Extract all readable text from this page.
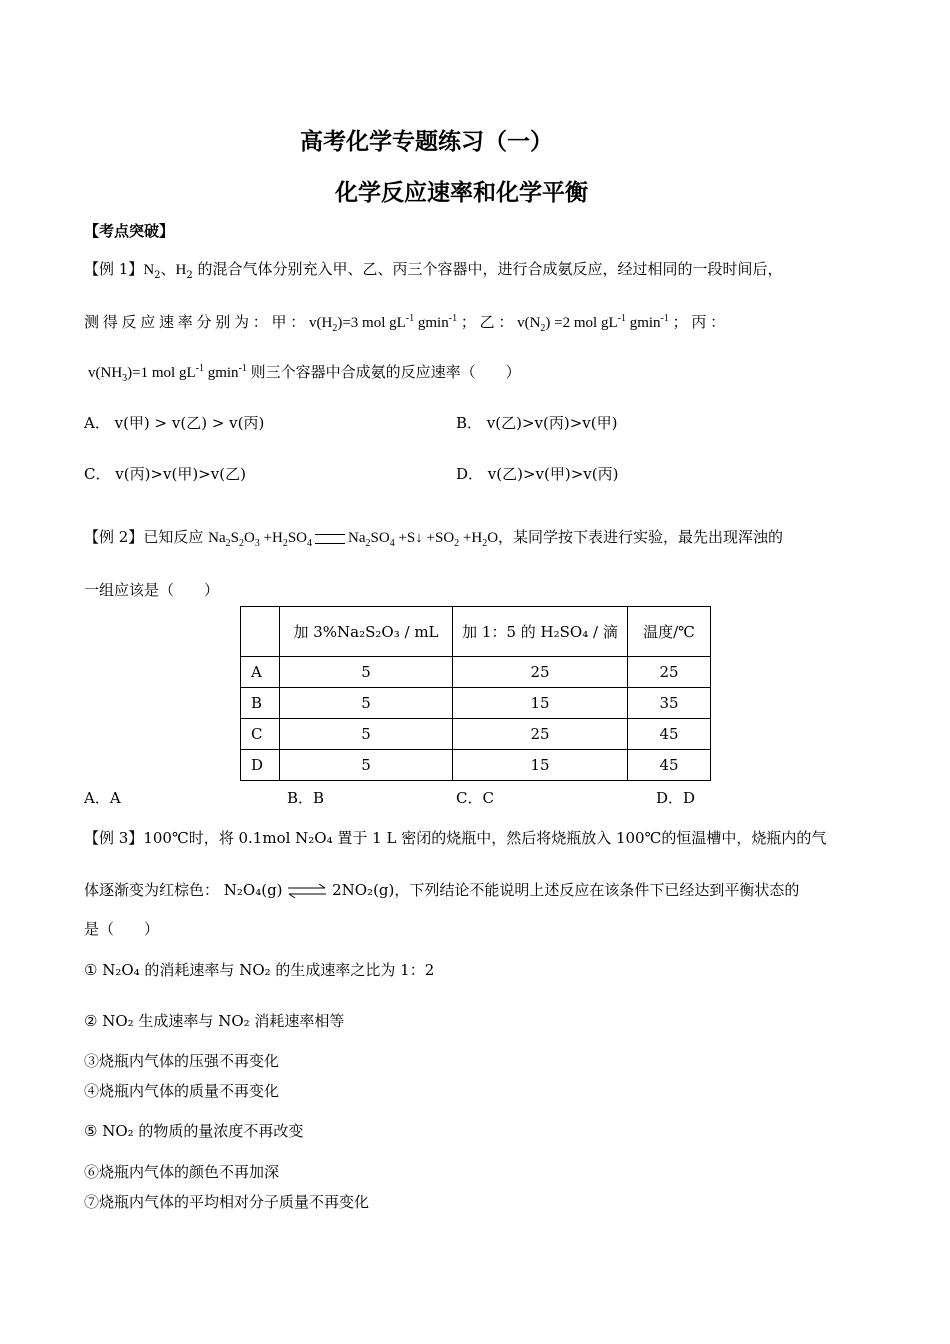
高考化学专题练习（一）
化学反应速率和化学平衡
【考点突破】
【例 1】$N_2$、$H_2$ 的混合气体分别充入甲、乙、丙三个容器中，进行合成氨反应，经过相同的一段时间后，
测 得 反 应 速 率 分 别 为 ： 甲 ： $v(H_2)=3$ mol $gL^{-1}$ gmin$^{-1}$ ； 乙 ： $v(N_2) =2$ mol $gL^{-1}$ gmin$^{-1}$ ； 丙 ：
$v(NH_3)=1$ mol $gL^{-1}$ gmin$^{-1}$ 则三个容器中合成氨的反应速率（　　）
A． v(甲) > v(乙) > v(丙)	B． v(乙)>v(丙)>v(甲)
C． v(丙)>v(甲)>v(乙)	D． v(乙)>v(甲)>v(丙)
【例 2】已知反应 $Na_2S_2O_3 +H_2SO_4$ $Na_2SO_4$ +S↓ $+SO_2 +H_2O$，某同学按下表进行实验，最先出现浑浊的
一组应该是（　　）
	加 3%Na₂S₂O₃ / mL	加 1：5 的 H₂SO₄ / 滴	温度/℃
A	5	25	25
B	5	15	35
C	5	25	45
D	5	15	45
A．A	B．B	C．C	D．D
【例 3】100℃时，将 0.1mol N₂O₄ 置于 1 L 密闭的烧瓶中，然后将烧瓶放入 100℃的恒温槽中，烧瓶内的气
体逐渐变为红棕色： N₂O₄(g) ⇌ 2NO₂(g)，下列结论不能说明上述反应在该条件下已经达到平衡状态的
是（　　）
① N₂O₄ 的消耗速率与 NO₂ 的生成速率之比为 1：2
② NO₂ 生成速率与 NO₂ 消耗速率相等
③烧瓶内气体的压强不再变化
④烧瓶内气体的质量不再变化
⑤ NO₂ 的物质的量浓度不再改变
⑥烧瓶内气体的颜色不再加深
⑦烧瓶内气体的平均相对分子质量不再变化
